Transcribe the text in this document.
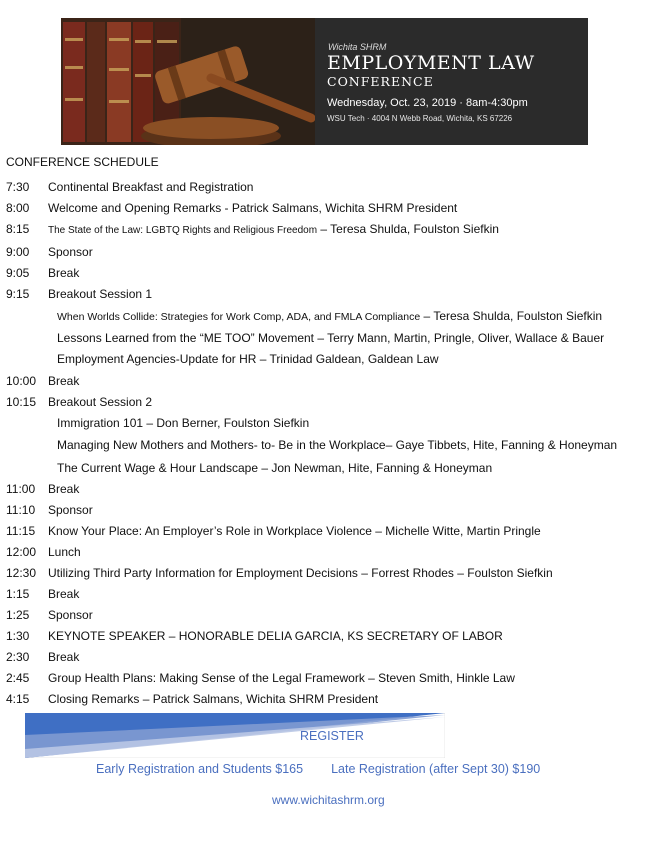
Wichita SHRM
EMPLOYMENT LAW
CONFERENCE
Wednesday, Oct. 23, 2019 · 8am-4:30pm
WSU Tech · 4004 N Webb Road, Wichita, KS 67226
CONFERENCE SCHEDULE
7:30 Continental Breakfast and Registration
8:00 Welcome and Opening Remarks - Patrick Salmans, Wichita SHRM President
8:15 The State of the Law: LGBTQ Rights and Religious Freedom – Teresa Shulda, Foulston Siefkin
9:00 Sponsor
9:05 Break
9:15 Breakout Session 1
When Worlds Collide: Strategies for Work Comp, ADA, and FMLA Compliance – Teresa Shulda, Foulston Siefkin
Lessons Learned from the “ME TOO” Movement – Terry Mann, Martin, Pringle, Oliver, Wallace & Bauer
Employment Agencies-Update for HR – Trinidad Galdean, Galdean Law
10:00 Break
10:15 Breakout Session 2
Immigration 101 – Don Berner, Foulston Siefkin
Managing New Mothers and Mothers- to- Be in the Workplace– Gaye Tibbets, Hite, Fanning & Honeyman
The Current Wage & Hour Landscape – Jon Newman, Hite, Fanning & Honeyman
11:00 Break
11:10 Sponsor
11:15 Know Your Place: An Employer’s Role in Workplace Violence – Michelle Witte, Martin Pringle
12:00 Lunch
12:30 Utilizing Third Party Information for Employment Decisions – Forrest Rhodes – Foulston Siefkin
1:15 Break
1:25 Sponsor
1:30 KEYNOTE SPEAKER – HONORABLE DELIA GARCIA, KS SECRETARY OF LABOR
2:30 Break
2:45 Group Health Plans: Making Sense of the Legal Framework – Steven Smith, Hinkle Law
4:15 Closing Remarks – Patrick Salmans, Wichita SHRM President
REGISTER
Early Registration and Students $165 Late Registration (after Sept 30) $190
www.wichitashrm.org
